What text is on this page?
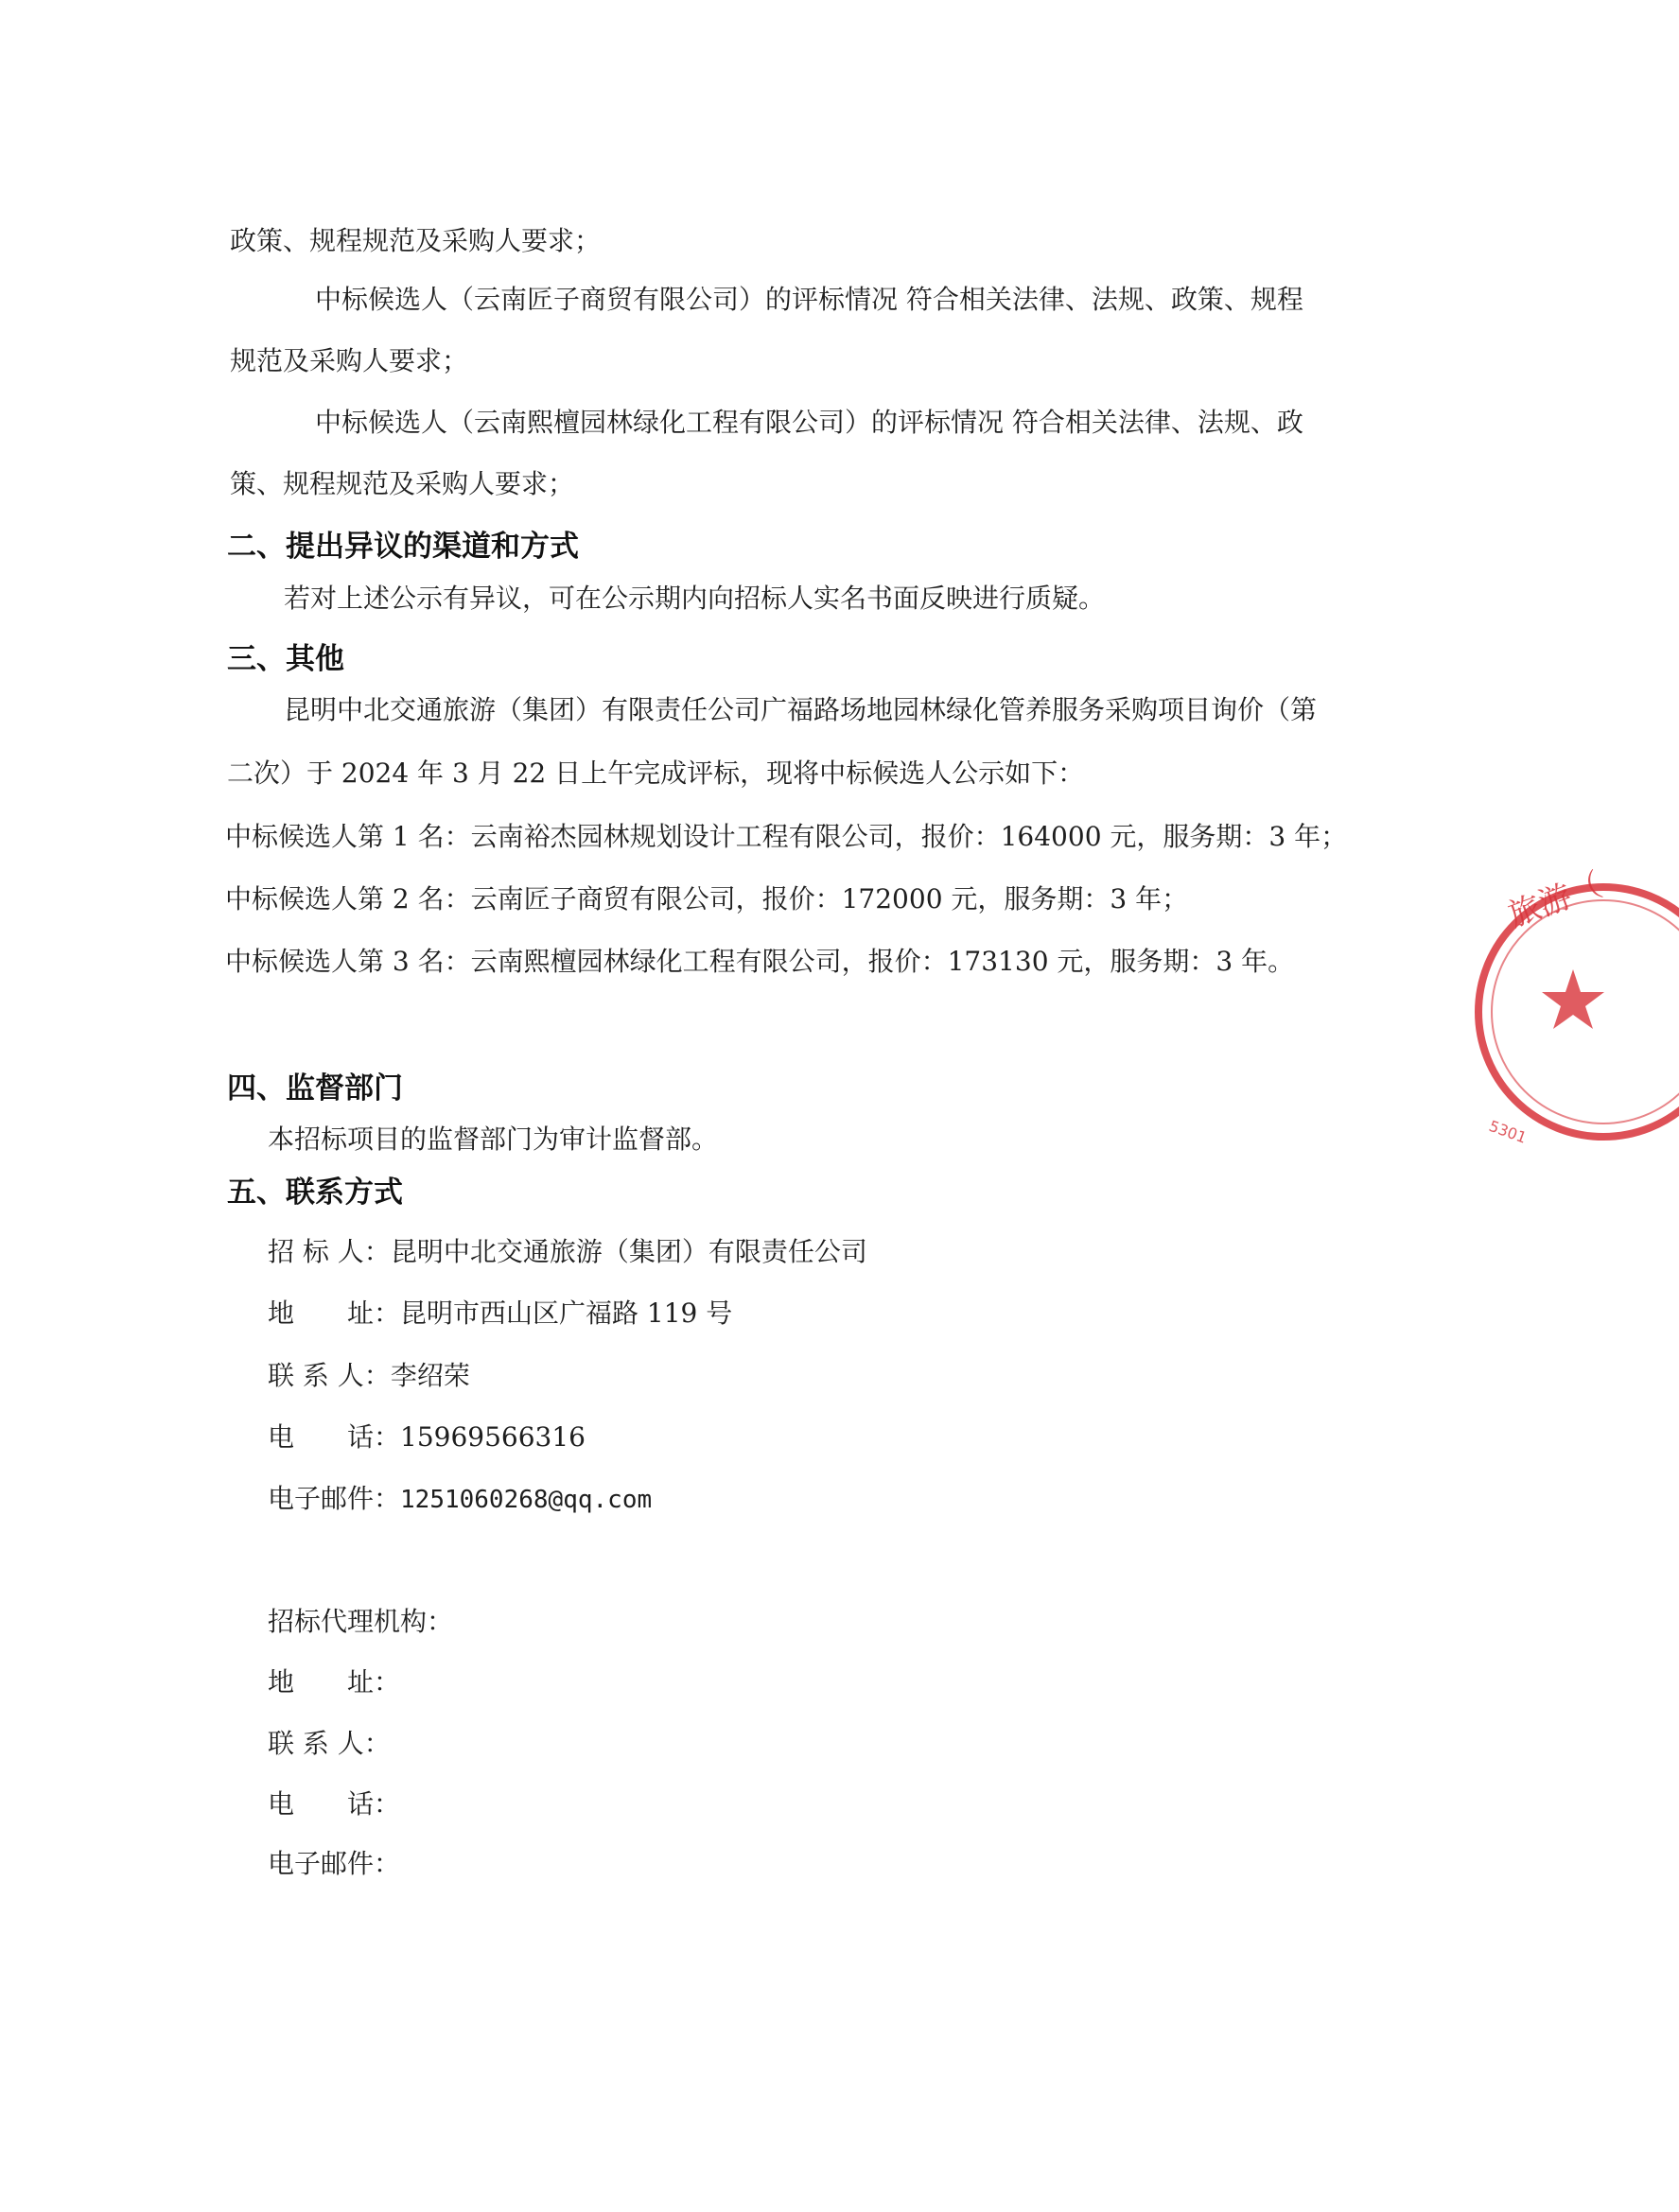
政策、规程规范及采购人要求；
中标候选人（云南匠子商贸有限公司）的评标情况 符合相关法律、法规、政策、规程
规范及采购人要求；
中标候选人（云南熙檀园林绿化工程有限公司）的评标情况 符合相关法律、法规、政
策、规程规范及采购人要求；
二、提出异议的渠道和方式
若对上述公示有异议，可在公示期内向招标人实名书面反映进行质疑。
三、其他
昆明中北交通旅游（集团）有限责任公司广福路场地园林绿化管养服务采购项目询价（第
二次）于 2024 年 3 月 22 日上午完成评标，现将中标候选人公示如下：
中标候选人第 1 名：云南裕杰园林规划设计工程有限公司，报价：164000 元，服务期：3 年；
中标候选人第 2 名：云南匠子商贸有限公司，报价：172000 元，服务期：3 年；
中标候选人第 3 名：云南熙檀园林绿化工程有限公司，报价：173130 元，服务期：3 年。
四、监督部门
本招标项目的监督部门为审计监督部。
五、联系方式
招 标 人：昆明中北交通旅游（集团）有限责任公司
地　　址：昆明市西山区广福路 119 号
联 系 人：李绍荣
电　　话：15969566316
电子邮件：1251060268@qq.com
招标代理机构：
地　　址：
联 系 人：
电　　话：
电子邮件：
旅游（
5301
